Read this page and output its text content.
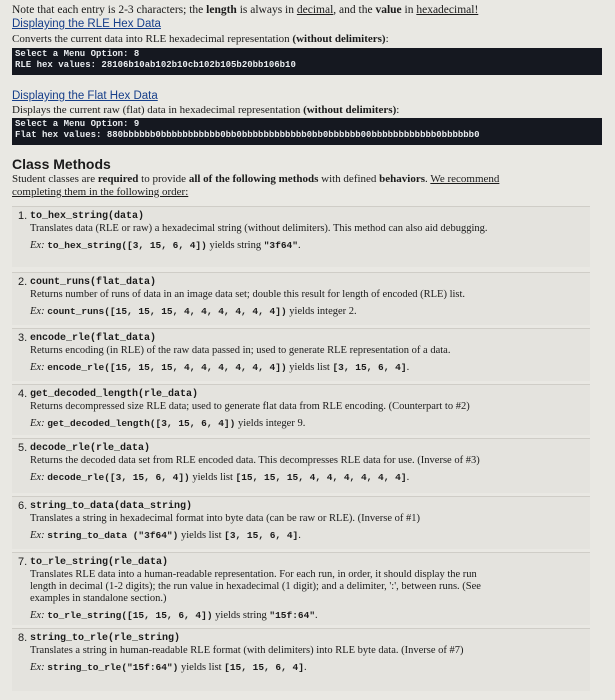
Note that each entry is 2-3 characters; the length is always in decimal, and the value in hexadecimal!
Displaying the RLE Hex Data
Converts the current data into RLE hexadecimal representation (without delimiters):
Select a Menu Option: 8
RLE hex values: 28106b10ab102b10cb102b105b20bb106b10
Displaying the Flat Hex Data
Displays the current raw (flat) data in hexadecimal representation (without delimiters):
Select a Menu Option: 9
Flat hex values: 880bbbbbb0bbbbbbbbbbb0bb0bbbbbbbbbbbb0bb0bbbbbb00bbbbbbbbbbbb0bbbbbb0
Class Methods
Student classes are required to provide all of the following methods with defined behaviors. We recommend
completing them in the following order:
1. to_hex_string(data)
Translates data (RLE or raw) a hexadecimal string (without delimiters). This method can also aid debugging.
Ex: to_hex_string([3, 15, 6, 4]) yields string "3f64".
2. count_runs(flat_data)
Returns number of runs of data in an image data set; double this result for length of encoded (RLE) list.
Ex: count_runs([15, 15, 15, 4, 4, 4, 4, 4, 4]) yields integer 2.
3. encode_rle(flat_data)
Returns encoding (in RLE) of the raw data passed in; used to generate RLE representation of a data.
Ex: encode_rle([15, 15, 15, 4, 4, 4, 4, 4, 4]) yields list [3, 15, 6, 4].
4. get_decoded_length(rle_data)
Returns decompressed size RLE data; used to generate flat data from RLE encoding. (Counterpart to #2)
Ex: get_decoded_length([3, 15, 6, 4]) yields integer 9.
5. decode_rle(rle_data)
Returns the decoded data set from RLE encoded data. This decompresses RLE data for use. (Inverse of #3)
Ex: decode_rle([3, 15, 6, 4]) yields list [15, 15, 15, 4, 4, 4, 4, 4, 4].
6. string_to_data(data_string)
Translates a string in hexadecimal format into byte data (can be raw or RLE). (Inverse of #1)
Ex: string_to_data ("3f64") yields list [3, 15, 6, 4].
7. to_rle_string(rle_data)
Translates RLE data into a human-readable representation. For each run, in order, it should display the run
length in decimal (1-2 digits); the run value in hexadecimal (1 digit); and a delimiter, ':', between runs. (See
examples in standalone section.)
Ex: to_rle_string([15, 15, 6, 4]) yields string "15f:64".
8. string_to_rle(rle_string)
Translates a string in human-readable RLE format (with delimiters) into RLE byte data. (Inverse of #7)
Ex: string_to_rle("15f:64") yields list [15, 15, 6, 4].
